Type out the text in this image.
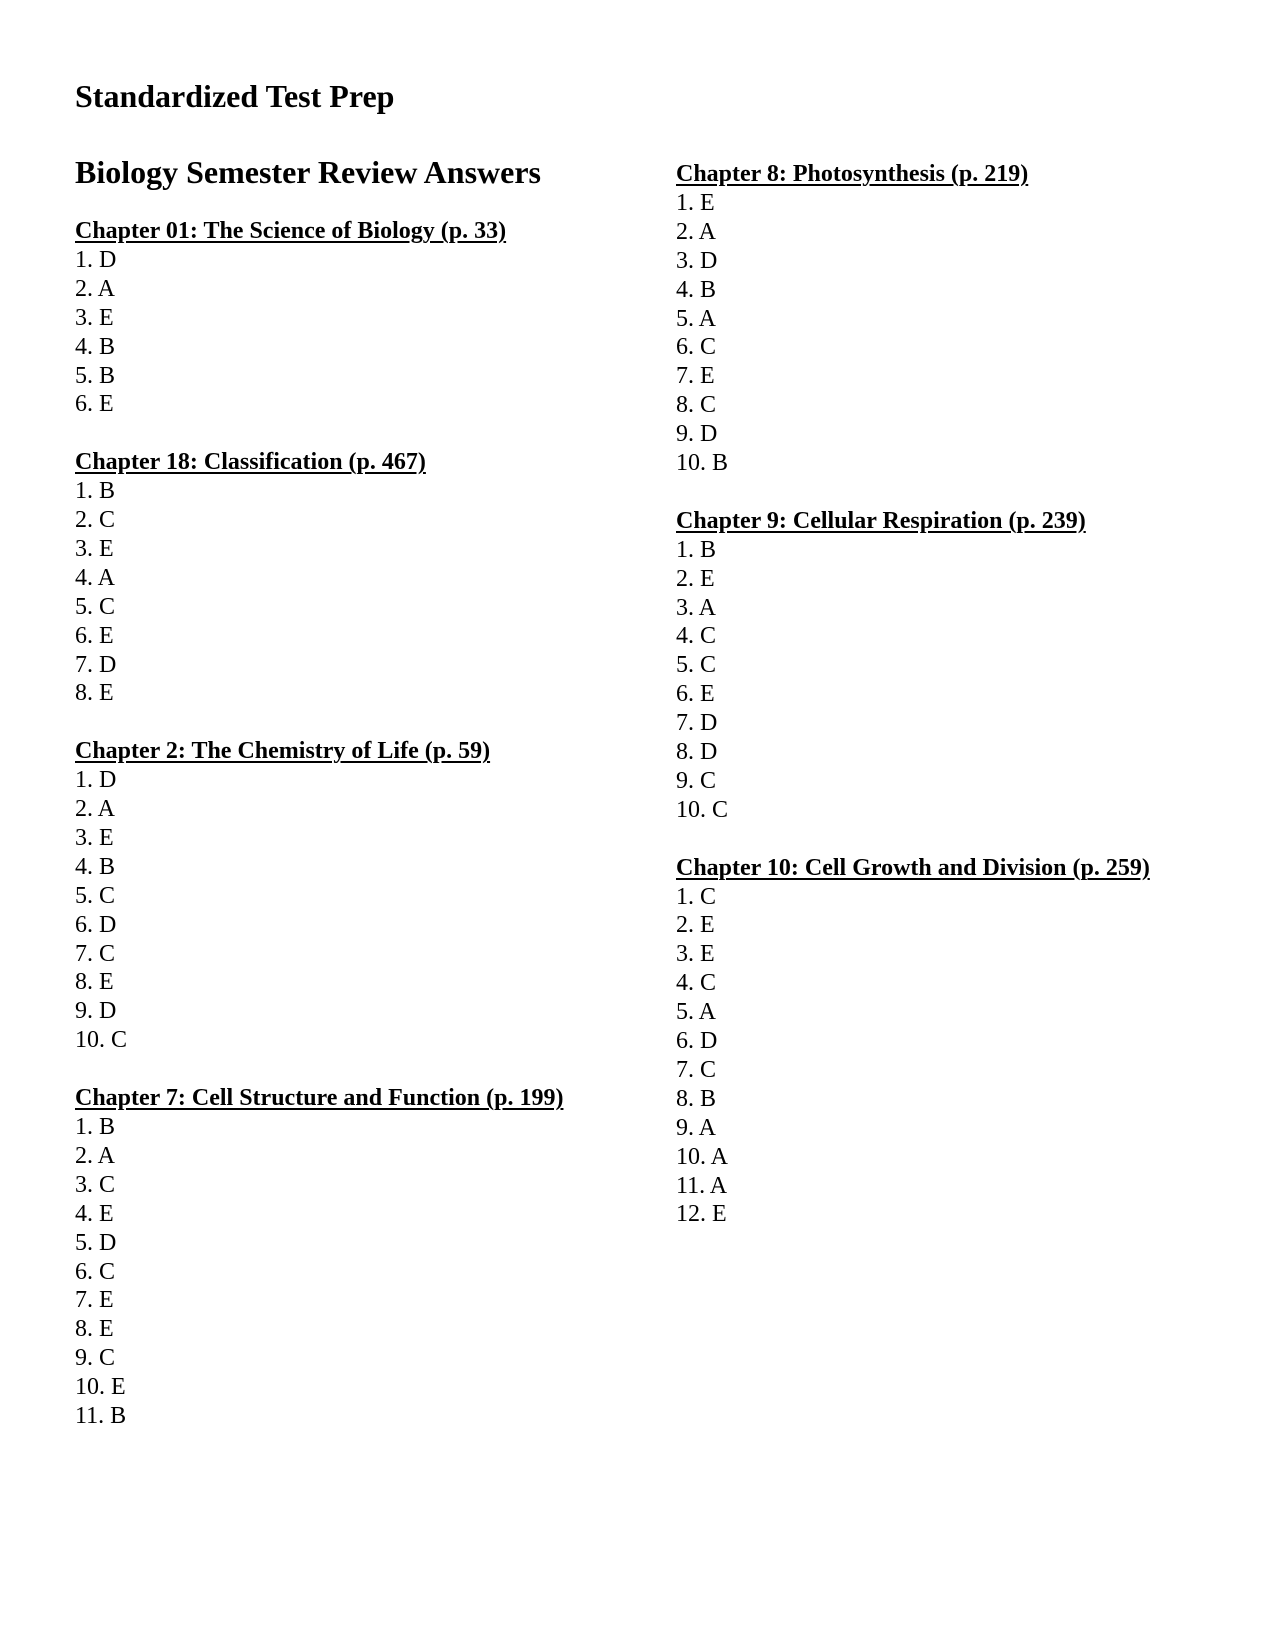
Standardized Test Prep
Biology Semester Review Answers
Chapter 01: The Science of Biology (p. 33)
1. D
2. A
3. E
4. B
5. B
6. E
Chapter 18: Classification (p. 467)
1. B
2. C
3. E
4. A
5. C
6. E
7. D
8. E
Chapter 2: The Chemistry of Life (p. 59)
1. D
2. A
3. E
4. B
5. C
6. D
7. C
8. E
9. D
10. C
Chapter 7: Cell Structure and Function (p. 199)
1. B
2. A
3. C
4. E
5. D
6. C
7. E
8. E
9. C
10. E
11. B
Chapter 8: Photosynthesis (p. 219)
1. E
2. A
3. D
4. B
5. A
6. C
7. E
8. C
9. D
10. B
Chapter 9: Cellular Respiration (p. 239)
1. B
2. E
3. A
4. C
5. C
6. E
7. D
8. D
9. C
10. C
Chapter 10: Cell Growth and Division (p. 259)
1. C
2. E
3. E
4. C
5. A
6. D
7. C
8. B
9. A
10. A
11. A
12. E
